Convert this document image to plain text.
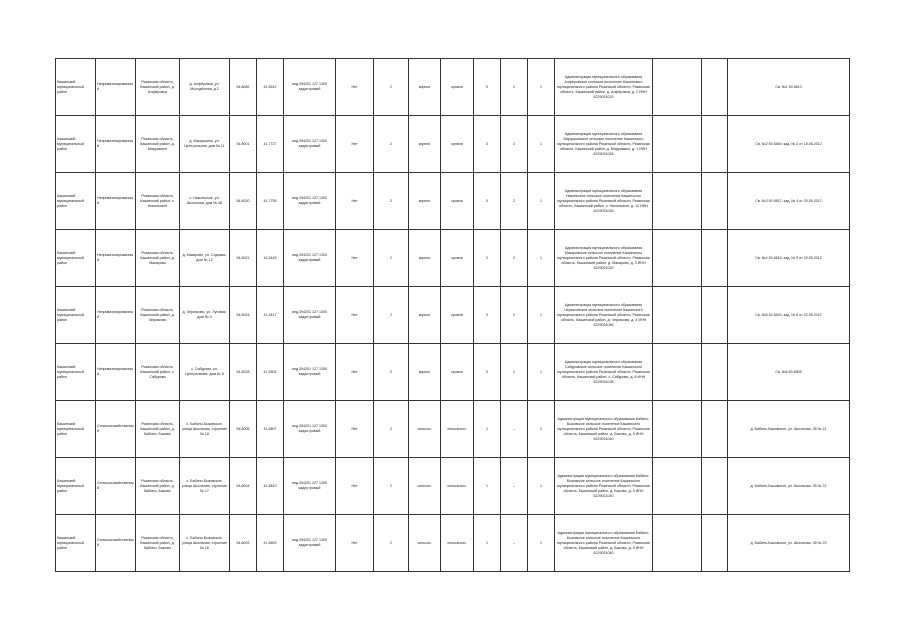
Кашинский муниципальный район	Неприватизированный	Рязанская область, Кашинский район, д. Алфёровка	д. Алфёровка, ул. Молодёжная, д.2	54,8082	41,5512	инд.394201 127 1300 кадастровый	Нет	2	кирпич	кровля	0	2	1	Администрация муниципального образования Алфёровское сельское поселение Кашинского муниципального района Рязанской области, Рязанская область, Кашинский район, д. Алфёровка, д. 2 ИНН 6229031033			Св. №1 50 6813
Кашинский муниципальный район	Неприватизированный	Рязанская область, Кашинский район, д. Марушкино	д. Марушкино, ул. Центральная, дом № 11	54,8001	41,7727	инд.394201 127 1300 кадастровый	Нет	2	кирпич	кровля	0	2	1	Администрация муниципального образования Марушкинское сельское поселение Кашинского муниципального района Рязанской области, Рязанская область, Кашинский район, д. Марушкино, д. 1 ИНН 6229031048			Св. №2 50 6840, кад. № 2 от 18.05.2012
Кашинский муниципальный район	Неприватизированный	Рязанская область, Кашинский район, с. Никольское	с. Никольское, ул. Школьная, дом № 48	54,8020	41,7755	инд.394201 127 1300 кадастровый	Нет	2	кирпич	кровля	0	2	1	Администрация муниципального образования Никольское сельское поселение Кашинского муниципального района Рязанской области, Рязанская область, Кашинский район, с. Никольское, д. 12 ИНН 6229031045			Св. №3 50 6812, кад. № 4 от 20.05.2012
Кашинский муниципальный район	Неприватизированный	Рязанская область, Кашинский район, д. Макарово	д. Макарово, ул. Садовая, дом № 12	54,8021	41,5445	инд.394201 127 1300 кадастровый	Нет	2	кирпич	кровля	0	2	1	Администрация муниципального образования Макаровское сельское поселение Кашинского муниципального района Рязанской области, Рязанская область, Кашинский район, д. Макарово, д. 3 ИНН 6229031032			Св. №4 50 6815, кад. № 5 от 20.05.2012
Кашинский муниципальный район	Неприватизированный	Рязанская область, Кашинский район, д. Черкасово	д. Черкасово, ул. Луговая, дом № 4	54,8024	41,5417	инд.394201 127 1300 кадастровый	Нет	2	кирпич	кровля	0	2	1	Администрация муниципального образования Черкасовское сельское поселение Кашинского муниципального района Рязанской области, Рязанская область, Кашинский район, д. Черкасово, д. 4 ИНН 6229031046			Св. №5 50 6820, кад. № 6 от 22.05.2012
Кашинский муниципальный район	Неприватизированный	Рязанская область, Кашинский район, с. Сабурово	с. Сабурово, ул. Центральная, дом № 8	54,8028	41,5502	инд.394201 127 1300 кадастровый	Нет	2	кирпич	кровля	0	2	1	Администрация муниципального образования Сабуровское сельское поселение Кашинского муниципального района Рязанской области, Рязанская область, Кашинский район, с. Сабурово, д. 8 ИНН 6229031038			Св. №6 50 6805
Кашинский муниципальный район	Сельскохозяйственный	Рязанская область, Кашинский район, д. Бабино, Быково	с. Бабино-Быковское, улица Школьная, строение № 18	54,8006	41,5807	инд.394201 127 1300 кадастровый	Нет	2	сельхоз.	сельскохоз.	1	–	1	Администрация муниципального образования Бабино-Быковское сельское поселение Кашинского муниципального района Рязанской области, Рязанская область, Кашинский район, д. Быково, д. 5 ИНН 6229031040			д. Бабино-Быковское, ул. Школьная, 35 № 21
Кашинский муниципальный район	Сельскохозяйственный	Рязанская область, Кашинский район, д. Бабино, Быково	с. Бабино-Быковское, улица Школьная, строение № 17	54,8004	41,5810	инд.394201 127 1300 кадастровый	Нет	2	сельхоз.	сельскохоз.	1	–	1	Администрация муниципального образования Бабино-Быковское сельское поселение Кашинского муниципального района Рязанской области, Рязанская область, Кашинский район, д. Быково, д. 5 ИНН 6229031040			д. Бабино-Быковское, ул. Школьная, 35 № 22
Кашинский муниципальный район	Сельскохозяйственный	Рязанская область, Кашинский район, д. Бабино, Быково	с. Бабино-Быковское, улица Школьная, строение № 16	54,8003	41,5809	инд.394201 127 1300 кадастровый	Нет	2	сельхоз.	сельскохоз.	1	–	1	Администрация муниципального образования Бабино-Быковское сельское поселение Кашинского муниципального района Рязанской области, Рязанская область, Кашинский район, д. Быково, д. 5 ИНН 6229031040			д. Бабино-Быковское, ул. Школьная, 35 № 23
